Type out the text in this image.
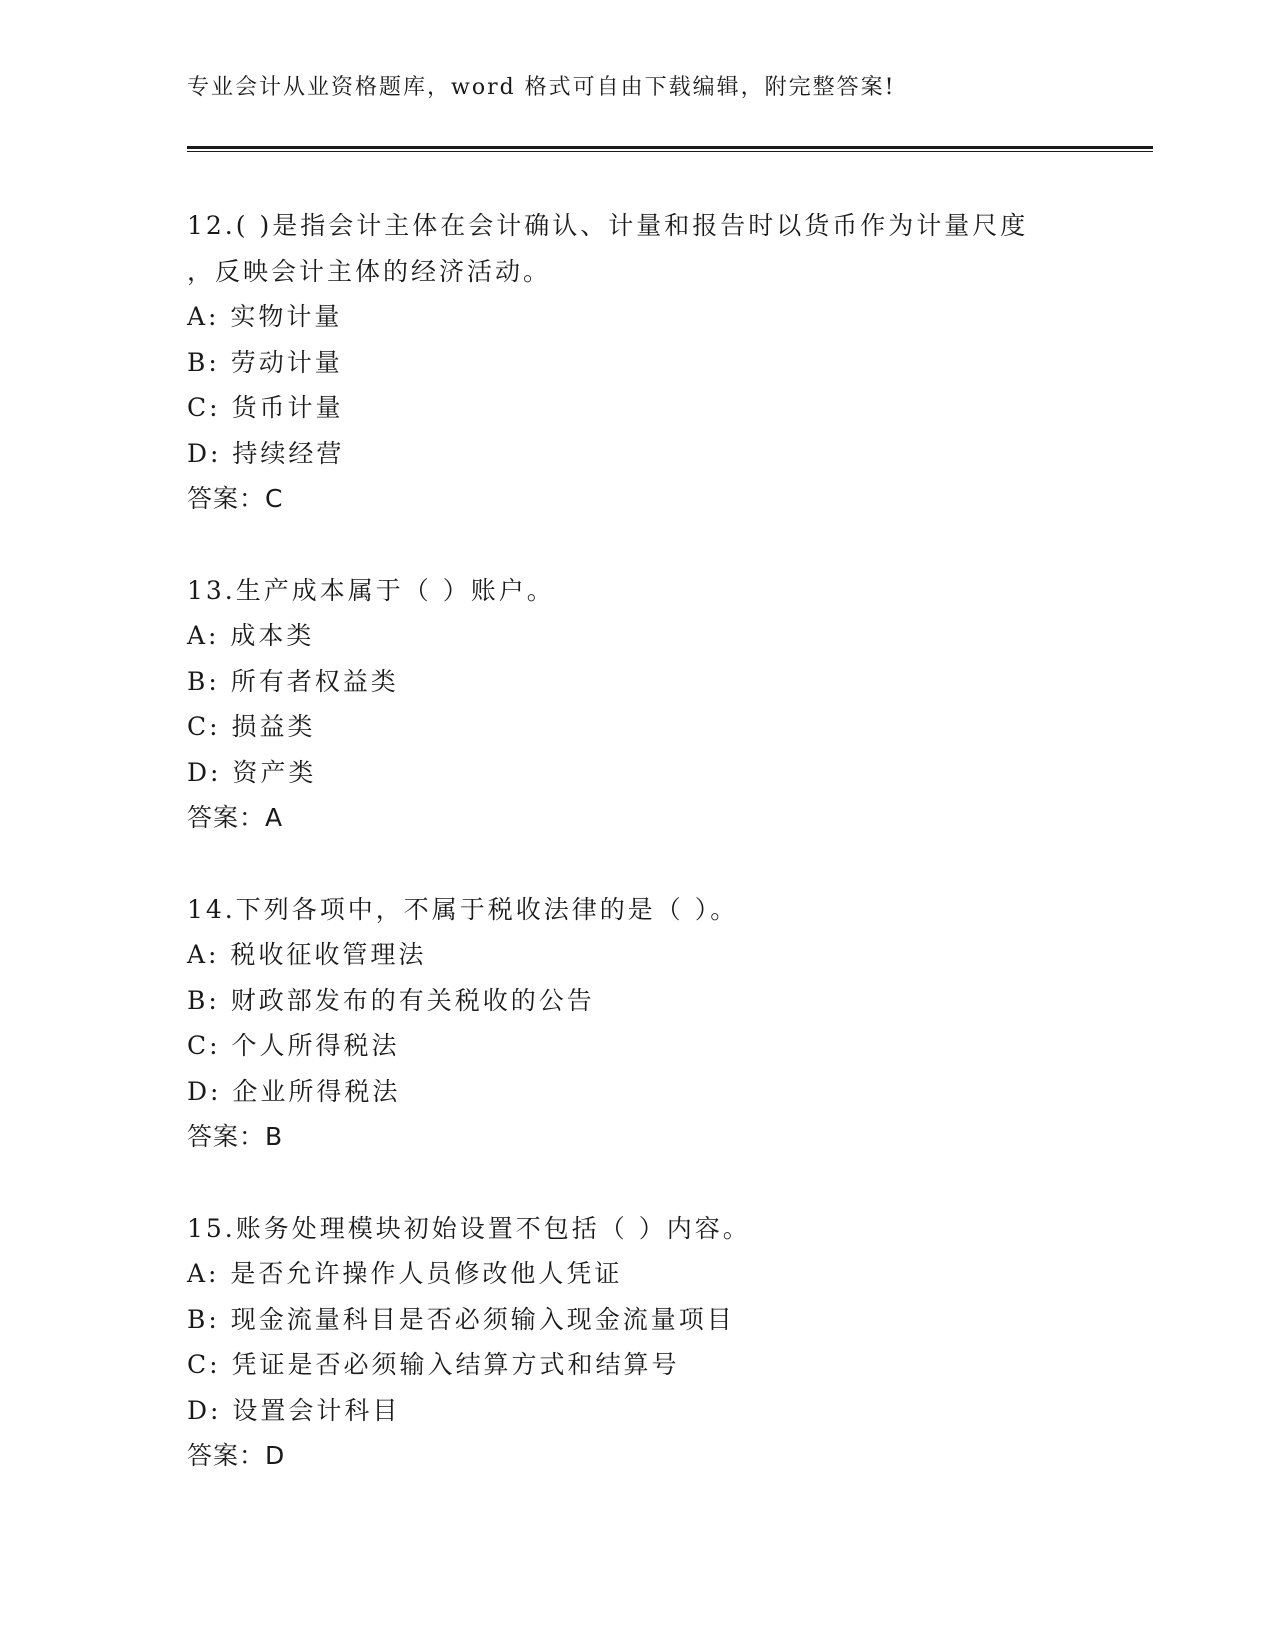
专业会计从业资格题库，word 格式可自由下载编辑，附完整答案!
12.( )是指会计主体在会计确认、计量和报告时以货币作为计量尺度
，反映会计主体的经济活动。
A: 实物计量
B: 劳动计量
C: 货币计量
D: 持续经营
答案：C
13.生产成本属于（ ）账户。
A: 成本类
B: 所有者权益类
C: 损益类
D: 资产类
答案：A
14.下列各项中，不属于税收法律的是（ ）。
A: 税收征收管理法
B: 财政部发布的有关税收的公告
C: 个人所得税法
D: 企业所得税法
答案：B
15.账务处理模块初始设置不包括（ ）内容。
A: 是否允许操作人员修改他人凭证
B: 现金流量科目是否必须输入现金流量项目
C: 凭证是否必须输入结算方式和结算号
D: 设置会计科目
答案：D
